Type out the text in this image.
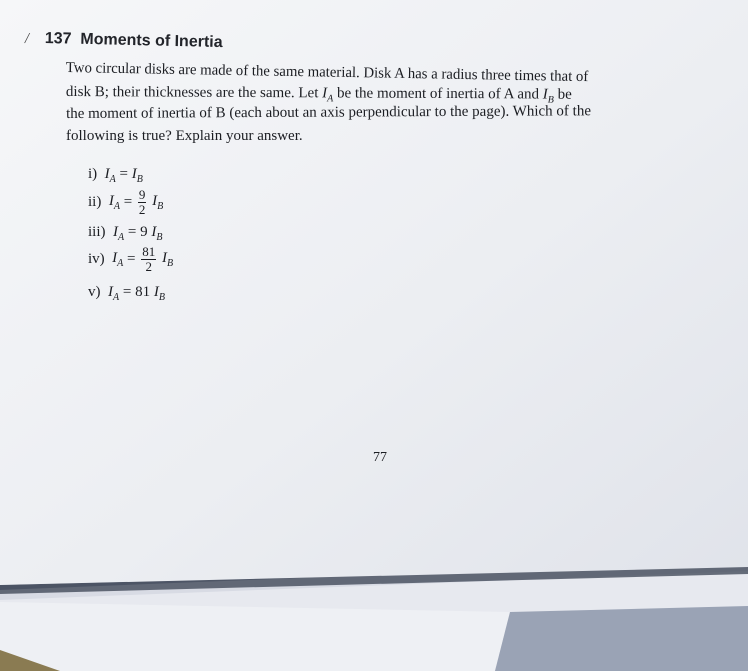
/ 137 Moments of Inertia
Two circular disks are made of the same material. Disk A has a radius three times that of
disk B; their thicknesses are the same. Let $I_A$ be the moment of inertia of A and $I_B$ be
the moment of inertia of B (each about an axis perpendicular to the page). Which of the
following is true? Explain your answer.
i) $I_A = I_B$
ii) $I_A = \frac{9}{2} I_B$
iii) $I_A = 9$ $I_B$
iv) $I_A = \frac{81}{2} I_B$
v) $I_A = 81$ $I_B$
77
